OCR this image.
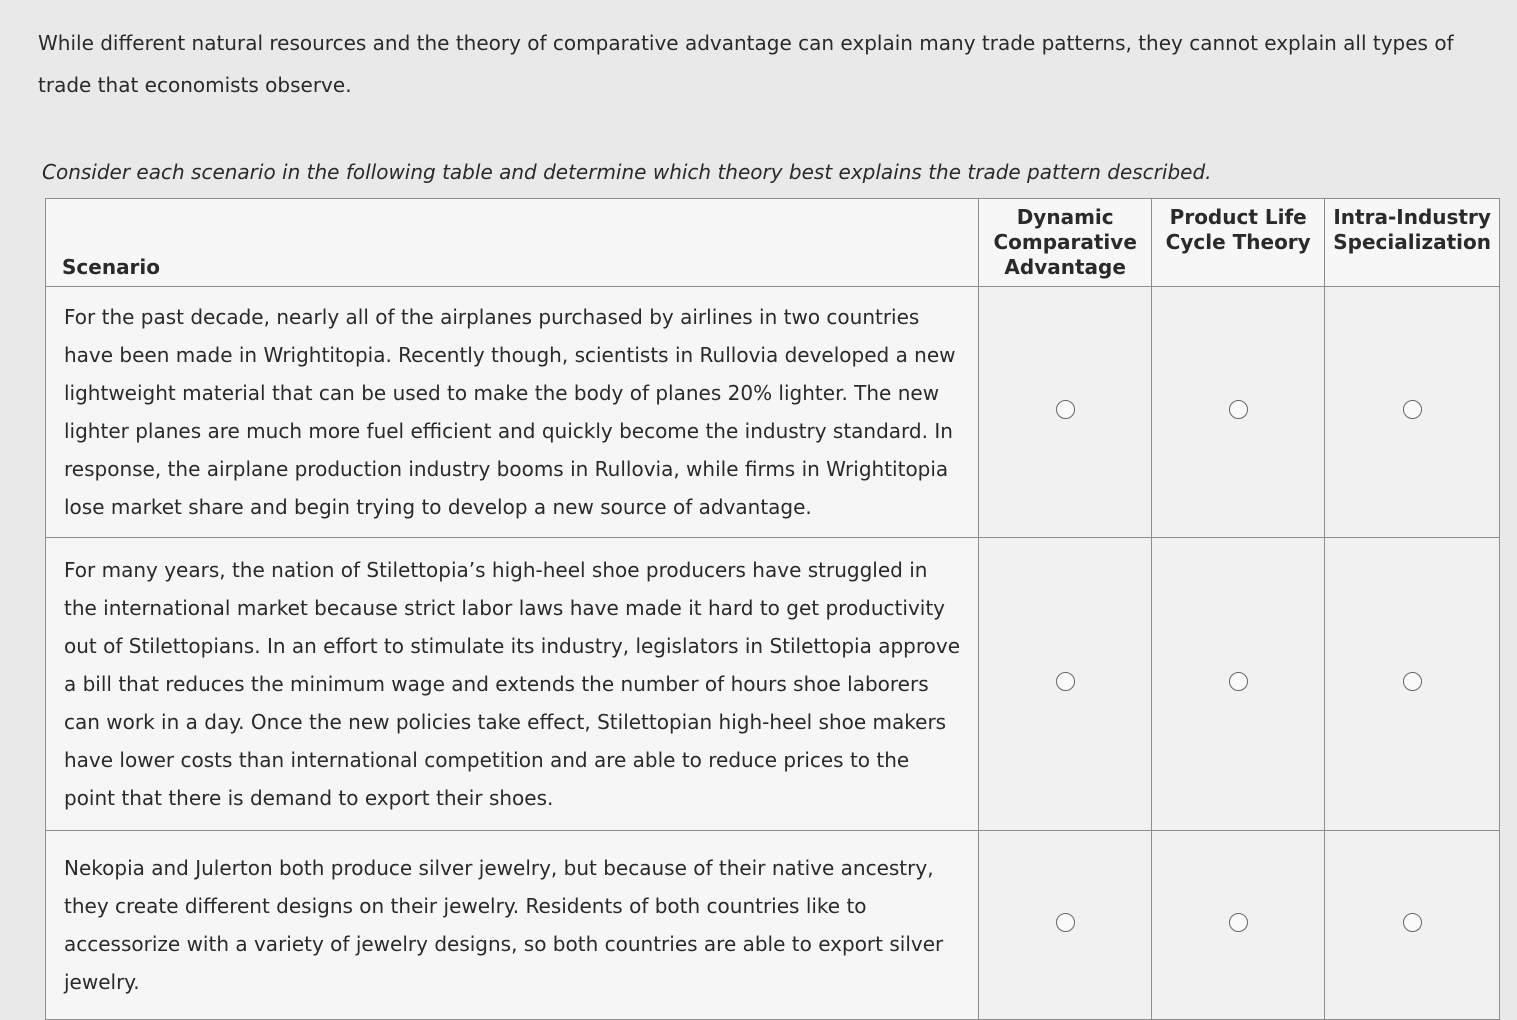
While different natural resources and the theory of comparative advantage can explain many trade patterns, they cannot explain all types of trade that economists observe.
Consider each scenario in the following table and determine which theory best explains the trade pattern described.
Scenario	Dynamic Comparative Advantage	Product Life Cycle Theory	Intra-Industry Specialization
For the past decade, nearly all of the airplanes purchased by airlines in two countries have been made in Wrightitopia. Recently though, scientists in Rullovia developed a new lightweight material that can be used to make the body of planes 20% lighter. The new lighter planes are much more fuel efficient and quickly become the industry standard. In response, the airplane production industry booms in Rullovia, while firms in Wrightitopia lose market share and begin trying to develop a new source of advantage.			
For many years, the nation of Stilettopia’s high-heel shoe producers have struggled in the international market because strict labor laws have made it hard to get productivity out of Stilettopians. In an effort to stimulate its industry, legislators in Stilettopia approve a bill that reduces the minimum wage and extends the number of hours shoe laborers can work in a day. Once the new policies take effect, Stilettopian high-heel shoe makers have lower costs than international competition and are able to reduce prices to the point that there is demand to export their shoes.			
Nekopia and Julerton both produce silver jewelry, but because of their native ancestry, they create different designs on their jewelry. Residents of both countries like to accessorize with a variety of jewelry designs, so both countries are able to export silver jewelry.			
